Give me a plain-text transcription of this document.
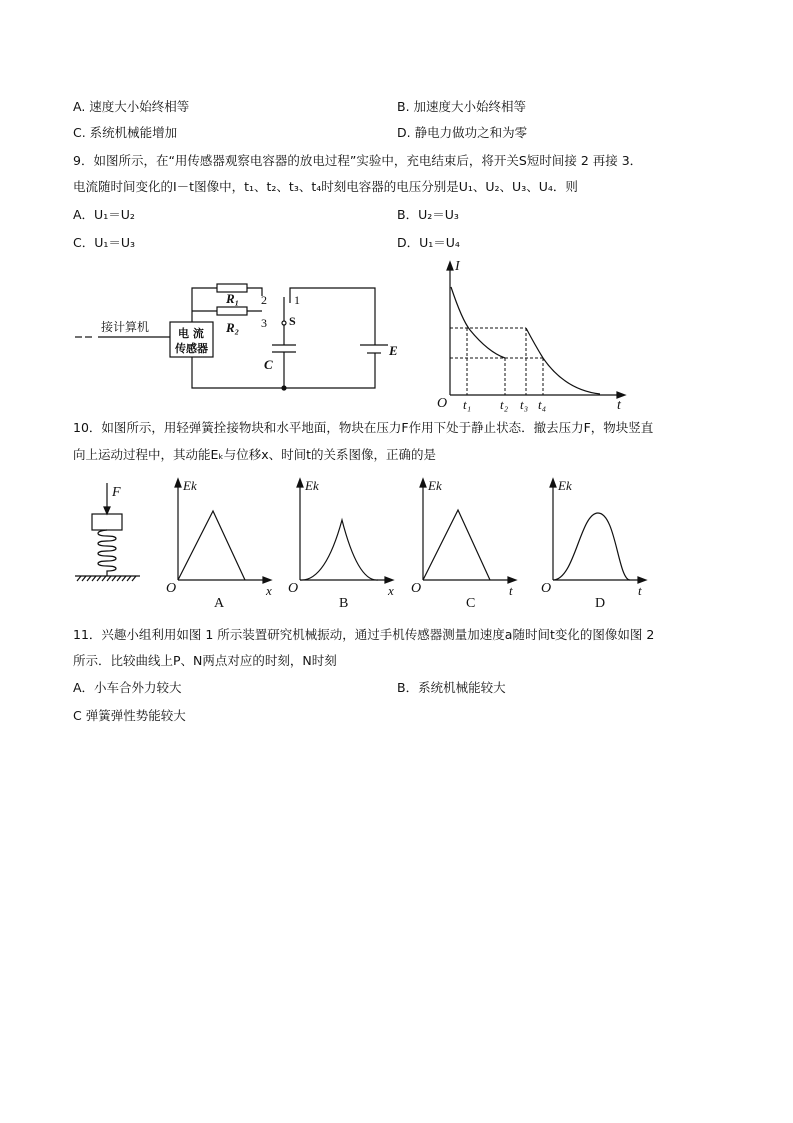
A. 速度大小始终相等	B. 加速度大小始终相等
C. 系统机械能增加	D. 静电力做功之和为零
9．如图所示，在“用传感器观察电容器的放电过程”实验中，充电结束后，将开关S短时间接 2 再接 3．
电流随时间变化的I－t图像中，t₁、t₂、t₃、t₄时刻电容器的电压分别是U₁、U₂、U₃、U₄．则
A．U₁＝U₂	B．U₂＝U₃
C．U₁＝U₃	D．U₁＝U₄
接计算机	电 流
传感器
R₁
R₂
2 1
3 S
C
E
I
O	t
t₁ t₂ t₃ t₄
10．如图所示，用轻弹簧拴接物块和水平地面，物块在压力F作用下处于静止状态．撤去压力F，物块竖直
向上运动过程中，其动能Eₖ与位移x、时间t的关系图像，正确的是
F	Ek
O	x
A
Ek
O	x
B
Ek
O	t
C
Ek
O	t
D
11．兴趣小组利用如图 1 所示装置研究机械振动，通过手机传感器测量加速度a随时间t变化的图像如图 2
所示．比较曲线上P、N两点对应的时刻，N时刻
A．小车合外力较大	B．系统机械能较大
C 弹簧弹性势能较大
